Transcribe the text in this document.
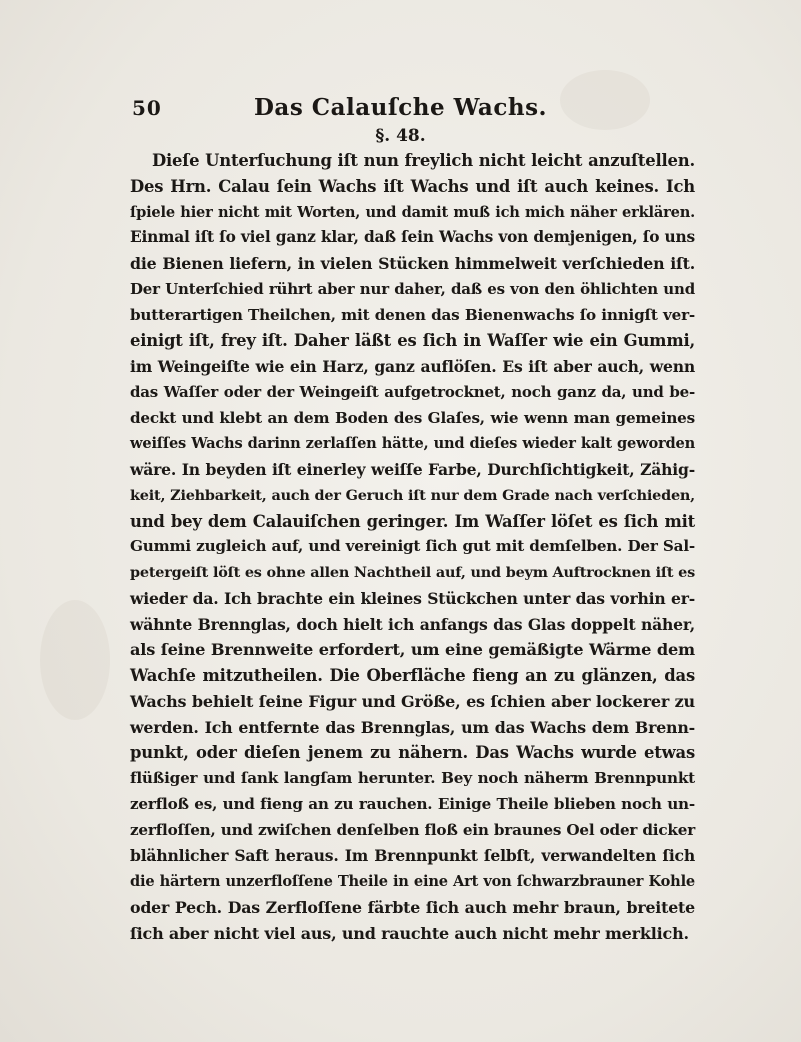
50	Das Calauſche Wachs.
§. 48.
Dieſe Unterſuchung iſt nun freylich nicht leicht anzuſtellen.
Des Hrn. Calau ſein Wachs iſt Wachs und iſt auch keines. Ich
ſpiele hier nicht mit Worten, und damit muß ich mich näher erklären.
Einmal iſt ſo viel ganz klar, daß ſein Wachs von demjenigen, ſo uns
die Bienen liefern, in vielen Stücken himmelweit verſchieden iſt.
Der Unterſchied rührt aber nur daher, daß es von den öhlichten und
butterartigen Theilchen, mit denen das Bienenwachs ſo innigſt ver-
einigt iſt, frey iſt. Daher läßt es ſich in Waſſer wie ein Gummi,
im Weingeiſte wie ein Harz, ganz auflöſen. Es iſt aber auch, wenn
das Waſſer oder der Weingeiſt aufgetrocknet, noch ganz da, und be-
deckt und klebt an dem Boden des Glaſes, wie wenn man gemeines
weiſſes Wachs darinn zerlaſſen hätte, und dieſes wieder kalt geworden
wäre. In beyden iſt einerley weiſſe Farbe, Durchſichtigkeit, Zähig-
keit, Ziehbarkeit, auch der Geruch iſt nur dem Grade nach verſchieden,
und bey dem Calauiſchen geringer. Im Waſſer löſet es ſich mit
Gummi zugleich auf, und vereinigt ſich gut mit demſelben. Der Sal-
petergeiſt löſt es ohne allen Nachtheil auf, und beym Auftrocknen iſt es
wieder da. Ich brachte ein kleines Stückchen unter das vorhin er-
wähnte Brennglas, doch hielt ich anfangs das Glas doppelt näher,
als ſeine Brennweite erfordert, um eine gemäßigte Wärme dem
Wachſe mitzutheilen. Die Oberfläche fieng an zu glänzen, das
Wachs behielt ſeine Figur und Größe, es ſchien aber lockerer zu
werden. Ich entfernte das Brennglas, um das Wachs dem Brenn-
punkt, oder dieſen jenem zu nähern. Das Wachs wurde etwas
flüßiger und ſank langſam herunter. Bey noch näherm Brennpunkt
zerfloß es, und fieng an zu rauchen. Einige Theile blieben noch un-
zerfloſſen, und zwiſchen denſelben floß ein braunes Oel oder dicker
blähnlicher Saft heraus. Im Brennpunkt ſelbſt, verwandelten ſich
die härtern unzerfloſſene Theile in eine Art von ſchwarzbrauner Kohle
oder Pech. Das Zerfloſſene färbte ſich auch mehr braun, breitete
ſich aber nicht viel aus, und rauchte auch nicht mehr merklich.
